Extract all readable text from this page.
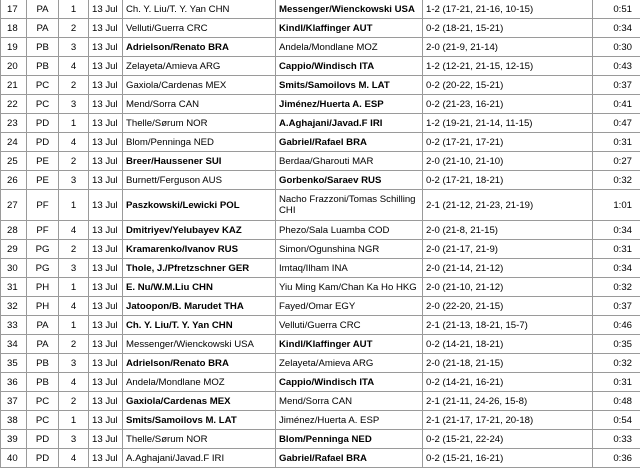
17	PA	1	13 Jul	Ch. Y. Liu/T. Y. Yan CHN	Messenger/Wienckowski USA	1-2 (17-21, 21-16, 10-15)	0:51
18	PA	2	13 Jul	Velluti/Guerra CRC	Kindl/Klaffinger AUT	0-2 (18-21, 15-21)	0:34
19	PB	3	13 Jul	Adrielson/Renato BRA	Andela/Mondlane MOZ	2-0 (21-9, 21-14)	0:30
20	PB	4	13 Jul	Zelayeta/Amieva ARG	Cappio/Windisch ITA	1-2 (12-21, 21-15, 12-15)	0:43
21	PC	2	13 Jul	Gaxiola/Cardenas MEX	Smits/Samoilovs M. LAT	0-2 (20-22, 15-21)	0:37
22	PC	3	13 Jul	Mend/Sorra CAN	Jiménez/Huerta A. ESP	0-2 (21-23, 16-21)	0:41
23	PD	1	13 Jul	Thelle/Sørum NOR	A.Aghajani/Javad.F IRI	1-2 (19-21, 21-14, 11-15)	0:47
24	PD	4	13 Jul	Blom/Penninga NED	Gabriel/Rafael BRA	0-2 (17-21, 17-21)	0:31
25	PE	2	13 Jul	Breer/Haussener SUI	Berdaa/Gharouti MAR	2-0 (21-10, 21-10)	0:27
26	PE	3	13 Jul	Burnett/Ferguson AUS	Gorbenko/Saraev RUS	0-2 (17-21, 18-21)	0:32
27	PF	1	13 Jul	Paszkowski/Lewicki POL	Nacho Frazzoni/Tomas Schilling CHI	2-1 (21-12, 21-23, 21-19)	1:01
28	PF	4	13 Jul	Dmitriyev/Yelubayev KAZ	Phezo/Sala Luamba COD	2-0 (21-8, 21-15)	0:34
29	PG	2	13 Jul	Kramarenko/Ivanov RUS	Simon/Ogunshina NGR	2-0 (21-17, 21-9)	0:31
30	PG	3	13 Jul	Thole, J./Pfretzschner GER	Imtaq/Ilham INA	2-0 (21-14, 21-12)	0:34
31	PH	1	13 Jul	E. Nu/W.M.Liu CHN	Yiu Ming Kam/Chan Ka Ho HKG	2-0 (21-10, 21-12)	0:32
32	PH	4	13 Jul	Jatoopon/B. Marudet THA	Fayed/Omar EGY	2-0 (22-20, 21-15)	0:37
33	PA	1	13 Jul	Ch. Y. Liu/T. Y. Yan CHN	Velluti/Guerra CRC	2-1 (21-13, 18-21, 15-7)	0:46
34	PA	2	13 Jul	Messenger/Wienckowski USA	Kindl/Klaffinger AUT	0-2 (14-21, 18-21)	0:35
35	PB	3	13 Jul	Adrielson/Renato BRA	Zelayeta/Amieva ARG	2-0 (21-18, 21-15)	0:32
36	PB	4	13 Jul	Andela/Mondlane MOZ	Cappio/Windisch ITA	0-2 (14-21, 16-21)	0:31
37	PC	2	13 Jul	Gaxiola/Cardenas MEX	Mend/Sorra CAN	2-1 (21-11, 24-26, 15-8)	0:48
38	PC	1	13 Jul	Smits/Samoilovs M. LAT	Jiménez/Huerta A. ESP	2-1 (21-17, 17-21, 20-18)	0:54
39	PD	3	13 Jul	Thelle/Sørum NOR	Blom/Penninga NED	0-2 (15-21, 22-24)	0:33
40	PD	4	13 Jul	A.Aghajani/Javad.F IRI	Gabriel/Rafael BRA	0-2 (15-21, 16-21)	0:36
